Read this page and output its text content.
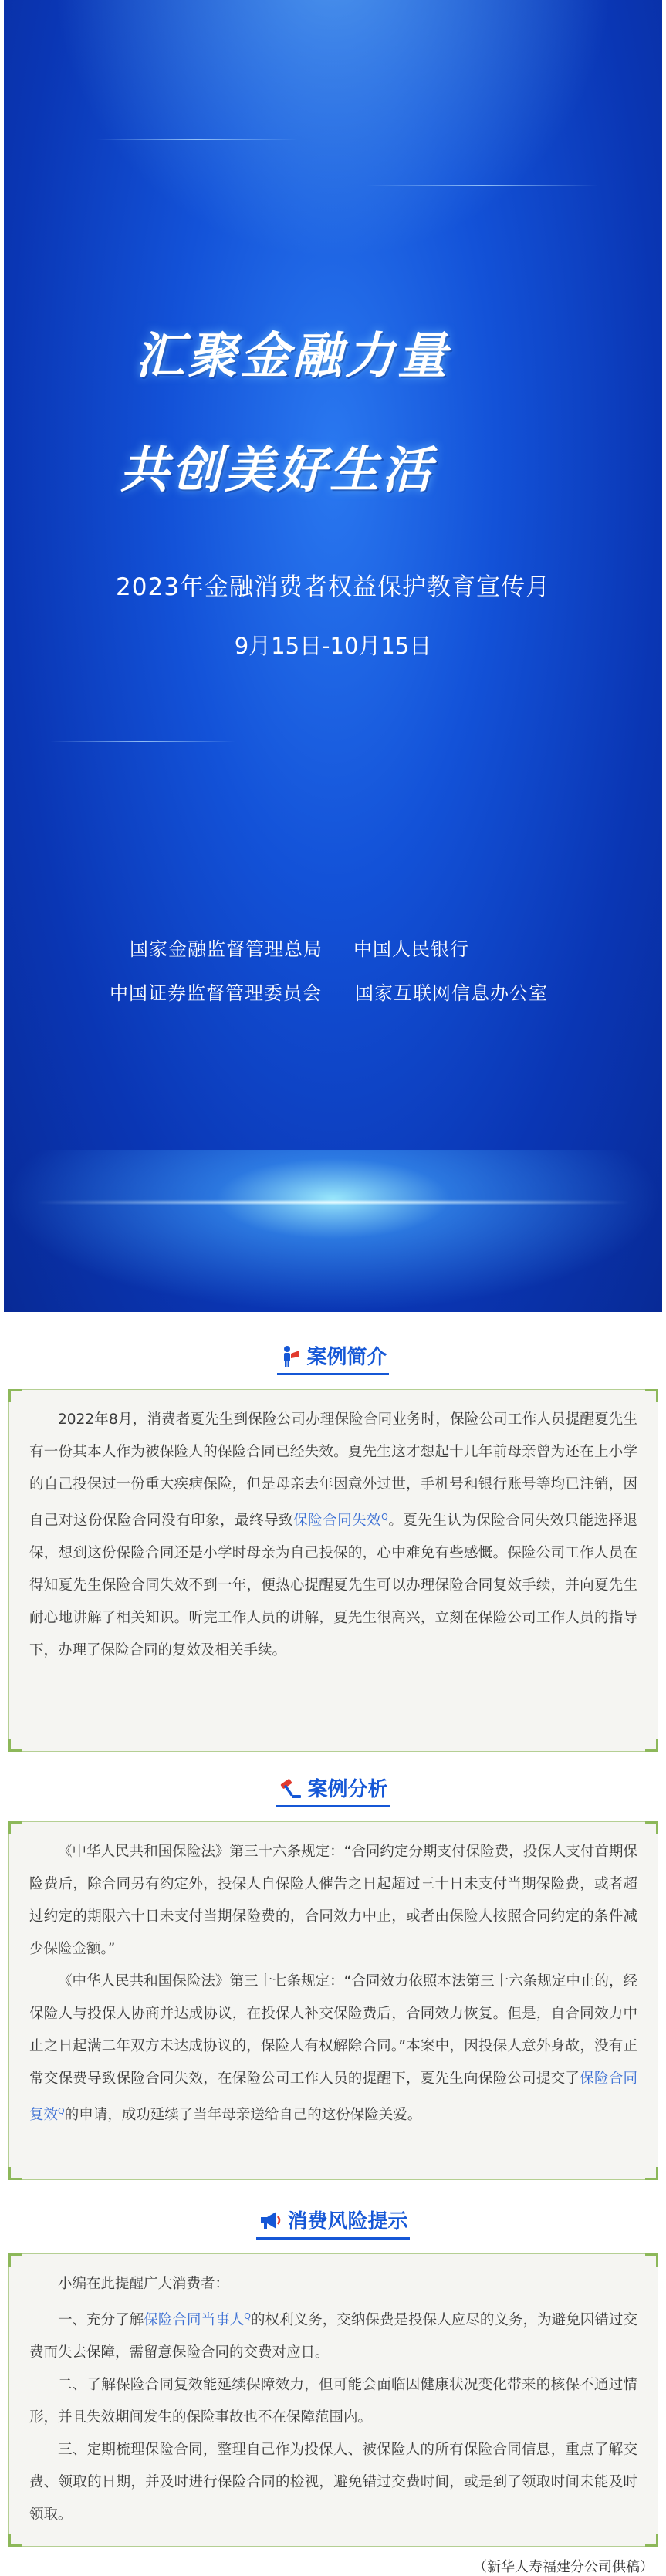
汇聚金融力量
共创美好生活
2023年金融消费者权益保护教育宣传月
9月15日-10月15日
国家金融监督管理总局 中国人民银行
中国证券监督管理委员会 国家互联网信息办公室
案例简介

2022年8月，消费者夏先生到保险公司办理保险合同业务时，保险公司工作人员提醒夏先生有一份其本人作为被保险人的保险合同已经失效。夏先生这才想起十几年前母亲曾为还在上小学的自己投保过一份重大疾病保险，但是母亲去年因意外过世，手机号和银行账号等均已注销，因自己对这份保险合同没有印象，最终导致保险合同失效$^Q$。夏先生认为保险合同失效只能选择退保，想到这份保险合同还是小学时母亲为自己投保的，心中难免有些感慨。保险公司工作人员在得知夏先生保险合同失效不到一年，便热心提醒夏先生可以办理保险合同复效手续，并向夏先生耐心地讲解了相关知识。听完工作人员的讲解，夏先生很高兴，立刻在保险公司工作人员的指导下，办理了保险合同的复效及相关手续。

案例分析

《中华人民共和国保险法》第三十六条规定：“合同约定分期支付保险费，投保人支付首期保险费后，除合同另有约定外，投保人自保险人催告之日起超过三十日未支付当期保险费，或者超过约定的期限六十日未支付当期保险费的，合同效力中止，或者由保险人按照合同约定的条件减少保险金额。”

《中华人民共和国保险法》第三十七条规定：“合同效力依照本法第三十六条规定中止的，经保险人与投保人协商并达成协议，在投保人补交保险费后，合同效力恢复。但是，自合同效力中止之日起满二年双方未达成协议的，保险人有权解除合同。”本案中，因投保人意外身故，没有正常交保费导致保险合同失效，在保险公司工作人员的提醒下，夏先生向保险公司提交了保险合同复效$^Q$的申请，成功延续了当年母亲送给自己的这份保险关爱。

消费风险提示

小编在此提醒广大消费者：

一、充分了解保险合同当事人$^Q$的权利义务，交纳保费是投保人应尽的义务，为避免因错过交费而失去保障，需留意保险合同的交费对应日。

二、了解保险合同复效能延续保障效力，但可能会面临因健康状况变化带来的核保不通过情形，并且失效期间发生的保险事故也不在保障范围内。

三、定期梳理保险合同，整理自己作为投保人、被保险人的所有保险合同信息，重点了解交费、领取的日期，并及时进行保险合同的检视，避免错过交费时间，或是到了领取时间未能及时领取。

（新华人寿福建分公司供稿）
